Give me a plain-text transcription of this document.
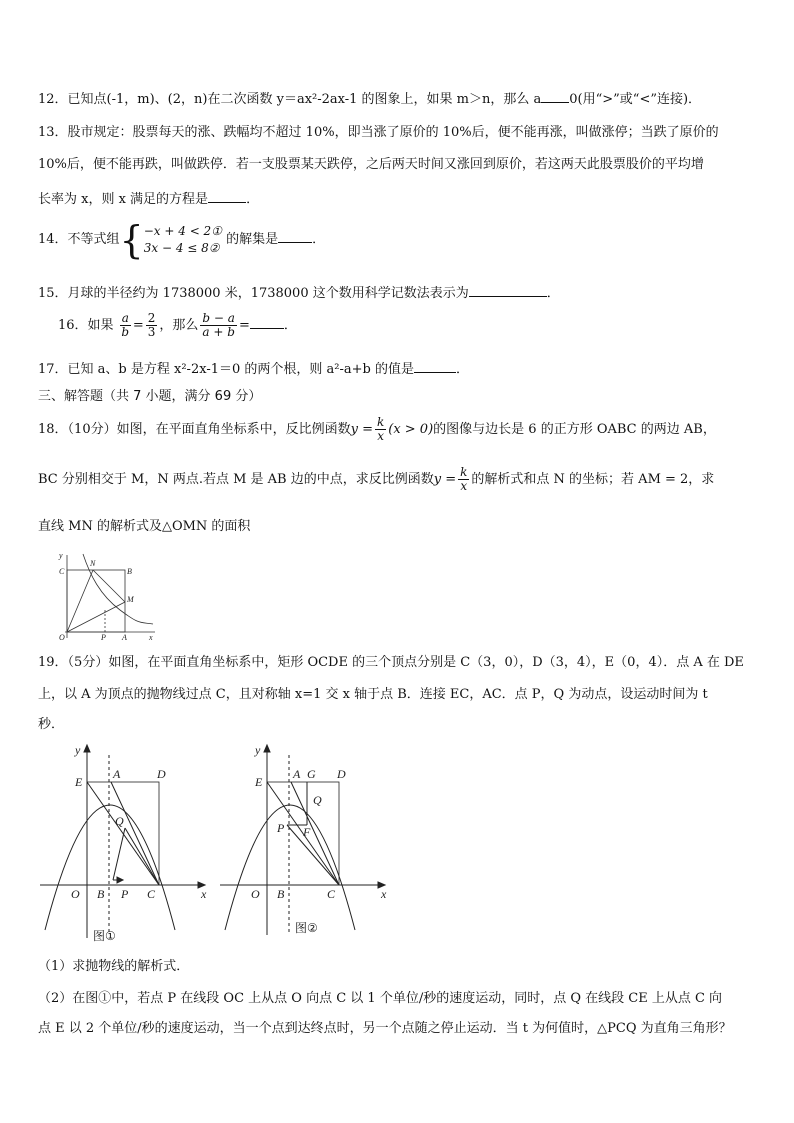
12．已知点(-1，m)、(2，n)在二次函数 y＝ax²-2ax-1 的图象上，如果 m＞n，那么 a 0(用“>”或“<”连接)．
13．股市规定：股票每天的涨、跌幅均不超过 10%，即当涨了原价的 10%后，便不能再涨，叫做涨停；当跌了原价的
10%后，便不能再跌，叫做跌停．若一支股票某天跌停，之后两天时间又涨回到原价，若这两天此股票股价的平均增
长率为 x，则 x 满足的方程是	．
14．不等式组{ −x + 4 < 2①
3x − 4 ≤ 8②
的解集是	．
15．月球的半径约为 1738000 米，1738000 这个数用科学记数法表示为	．
16．如果 $\frac{a}{b} = \frac{2}{3}$ ，那么 $\frac{b - a}{a + b}$ =	．
17．已知 a、b 是方程 x²-2x-1＝0 的两个根，则 a²-a+b 的值是	．
三、解答题（共 7 小题，满分 69 分）
18．（10分）如图，在平面直角坐标系中，反比例函数$y = \frac{k}{x} (x > 0)$的图像与边长是 6 的正方形 OABC 的两边 AB，
BC 分别相交于 M，N 两点.若点 M 是 AB 边的中点，求反比例函数$y = \frac{k}{x}$ 的解析式和点 N 的坐标；若 AM = 2，求
直线 MN 的解析式及△OMN 的面积
y
C
N
B
M
O	P A	x
19．（5分）如图，在平面直角坐标系中，矩形 OCDE 的三个顶点分别是 C（3，0），D（3，4），E（0，4）．点 A 在 DE
上，以 A 为顶点的抛物线过点 C，且对称轴 x=1 交 x 轴于点 B．连接 EC，AC．点 P，Q 为动点，设运动时间为 t
秒．
y
E
A	D
Q
O B P C	x
图①
y
E
A G D
Q
P F
O B	C	x
图②
（1）求抛物线的解析式．
（2）在图①中，若点 P 在线段 OC 上从点 O 向点 C 以 1 个单位/秒的速度运动，同时，点 Q 在线段 CE 上从点 C 向
点 E 以 2 个单位/秒的速度运动，当一个点到达终点时，另一个点随之停止运动．当 t 为何值时，△PCQ 为直角三角形？
